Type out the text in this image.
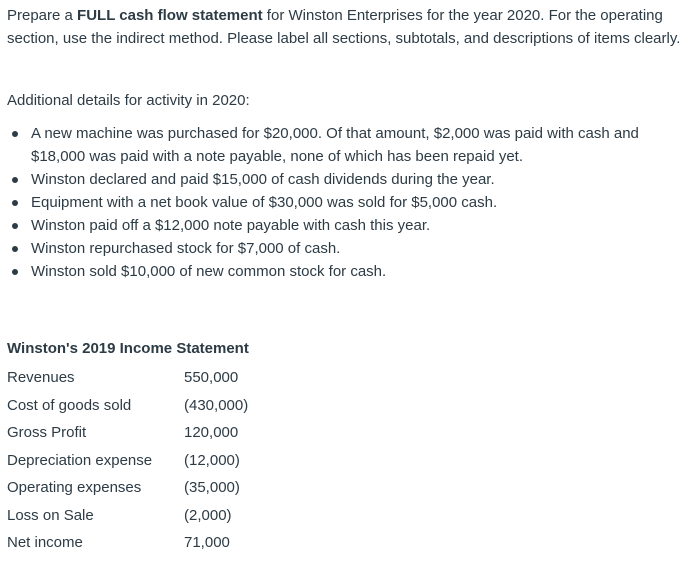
Prepare a FULL cash flow statement for Winston Enterprises for the year 2020. For the operating section, use the indirect method. Please label all sections, subtotals, and descriptions of items clearly.

Additional details for activity in 2020:

A new machine was purchased for $20,000. Of that amount, $2,000 was paid with cash and $18,000 was paid with a note payable, none of which has been repaid yet.
Winston declared and paid $15,000 of cash dividends during the year.
Equipment with a net book value of $30,000 was sold for $5,000 cash.
Winston paid off a $12,000 note payable with cash this year.
Winston repurchased stock for $7,000 of cash.
Winston sold $10,000 of new common stock for cash.
Winston's 2019 Income Statement
Revenues	550,000
Cost of goods sold	(430,000)
Gross Profit	120,000
Depreciation expense	(12,000)
Operating expenses	(35,000)
Loss on Sale	(2,000)
Net income	71,000
